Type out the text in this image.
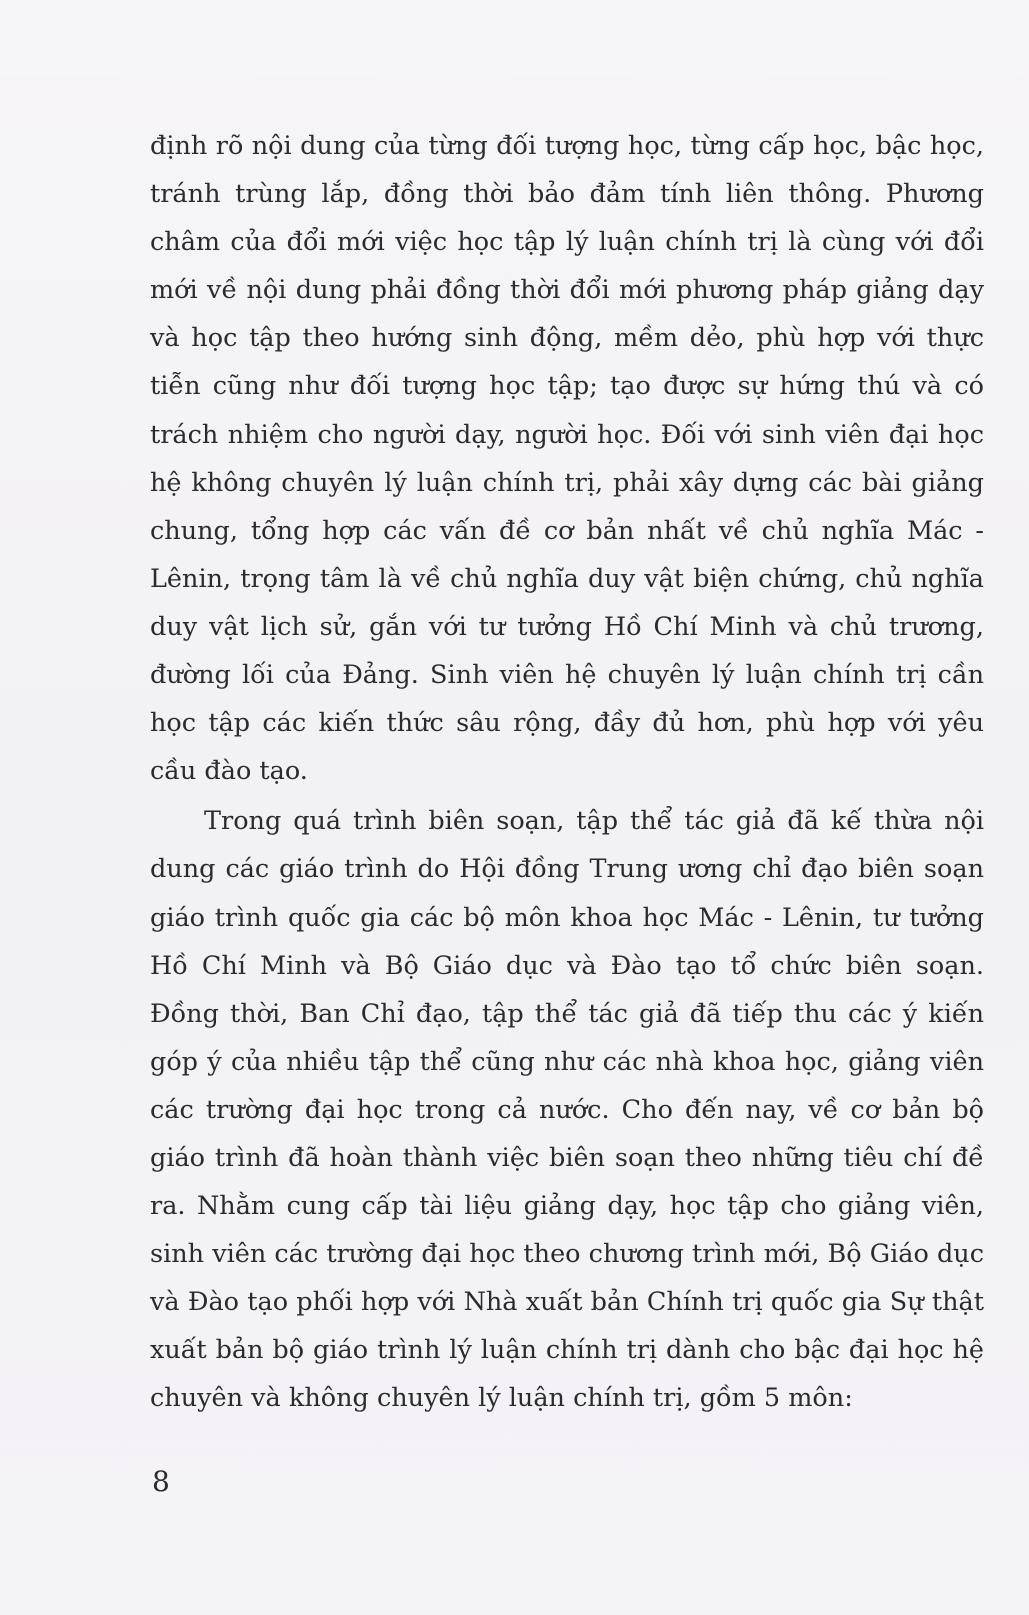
định rõ nội dung của từng đối tượng học, từng cấp học, bậc học, tránh trùng lắp, đồng thời bảo đảm tính liên thông. Phương châm của đổi mới việc học tập lý luận chính trị là cùng với đổi mới về nội dung phải đồng thời đổi mới phương pháp giảng dạy và học tập theo hướng sinh động, mềm dẻo, phù hợp với thực tiễn cũng như đối tượng học tập; tạo được sự hứng thú và có trách nhiệm cho người dạy, người học. Đối với sinh viên đại học hệ không chuyên lý luận chính trị, phải xây dựng các bài giảng chung, tổng hợp các vấn đề cơ bản nhất về chủ nghĩa Mác - Lênin, trọng tâm là về chủ nghĩa duy vật biện chứng, chủ nghĩa duy vật lịch sử, gắn với tư tưởng Hồ Chí Minh và chủ trương, đường lối của Đảng. Sinh viên hệ chuyên lý luận chính trị cần học tập các kiến thức sâu rộng, đầy đủ hơn, phù hợp với yêu cầu đào tạo.

Trong quá trình biên soạn, tập thể tác giả đã kế thừa nội dung các giáo trình do Hội đồng Trung ương chỉ đạo biên soạn giáo trình quốc gia các bộ môn khoa học Mác - Lênin, tư tưởng Hồ Chí Minh và Bộ Giáo dục và Đào tạo tổ chức biên soạn. Đồng thời, Ban Chỉ đạo, tập thể tác giả đã tiếp thu các ý kiến góp ý của nhiều tập thể cũng như các nhà khoa học, giảng viên các trường đại học trong cả nước. Cho đến nay, về cơ bản bộ giáo trình đã hoàn thành việc biên soạn theo những tiêu chí đề ra. Nhằm cung cấp tài liệu giảng dạy, học tập cho giảng viên, sinh viên các trường đại học theo chương trình mới, Bộ Giáo dục và Đào tạo phối hợp với Nhà xuất bản Chính trị quốc gia Sự thật xuất bản bộ giáo trình lý luận chính trị dành cho bậc đại học hệ chuyên và không chuyên lý luận chính trị, gồm 5 môn:

8
